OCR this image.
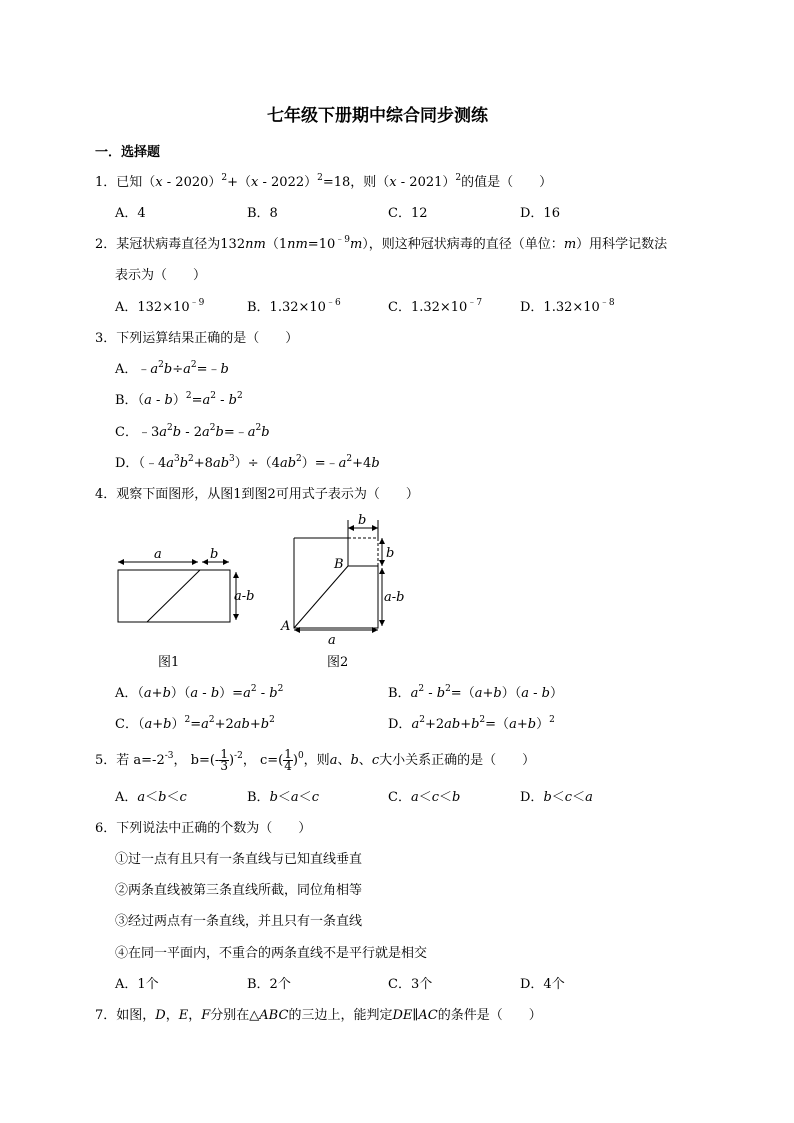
七年级下册期中综合同步测练
一．选择题
1．已知（x - 2020）$^2$+（x - 2022）$^2$=18，则（x - 2021）$^2$的值是（　　）
A．4	B．8	C．12	D．16
2．某冠状病毒直径为$132nm(1nm=10^{﹣9}m)$，则这种冠状病毒的直径（单位：m）用科学记数法
表示为（　　）
A．$132\times 10^{﹣9}$	B．$1.32\times 10^{﹣6}$	C．$1.32\times 10^{﹣7}$	D．$1.32\times 10^{﹣8}$
3．下列运算结果正确的是（　　）
A．$﹣a^2b\div a^2=﹣b$
B．$(a - b)^2=a^2 - b^2$
C．$﹣3a^2b$ - $2a^2b=﹣a^2b$
D．$(﹣4a^3b^2+8ab^3)\div(4ab^2)=﹣a^2+4b$
4．观察下面图形，从图1到图2可用式子表示为（　　）
a	b
a-b
图1
b
b
B
a-b
A
a
图2
A．$(a+b)(a - b)=a^2 - b^2$	B．$a^2 - b^2=(a+b)(a - b)$
C．$(a+b)^2=a^2+2ab+b^2$	D．$a^2+2ab+b^2=(a+b)^2$
5．若 $a=-2^{-3}$， $b=(- \frac{1}{3} )^{-2}$， $c=( \frac{1}{4} )^0$，则a、b、c大小关系正确的是（　　）
A．a＜b＜c	B．b＜a＜c	C．a＜c＜b	D．b＜c＜a
6．下列说法中正确的个数为（　　）
①过一点有且只有一条直线与已知直线垂直
②两条直线被第三条直线所截，同位角相等
③经过两点有一条直线，并且只有一条直线
④在同一平面内，不重合的两条直线不是平行就是相交
A．1个	B．2个	C．3个	D．4个
7．如图，D，E，F分别在△ABC的三边上，能判定DE∥AC的条件是（　　）
